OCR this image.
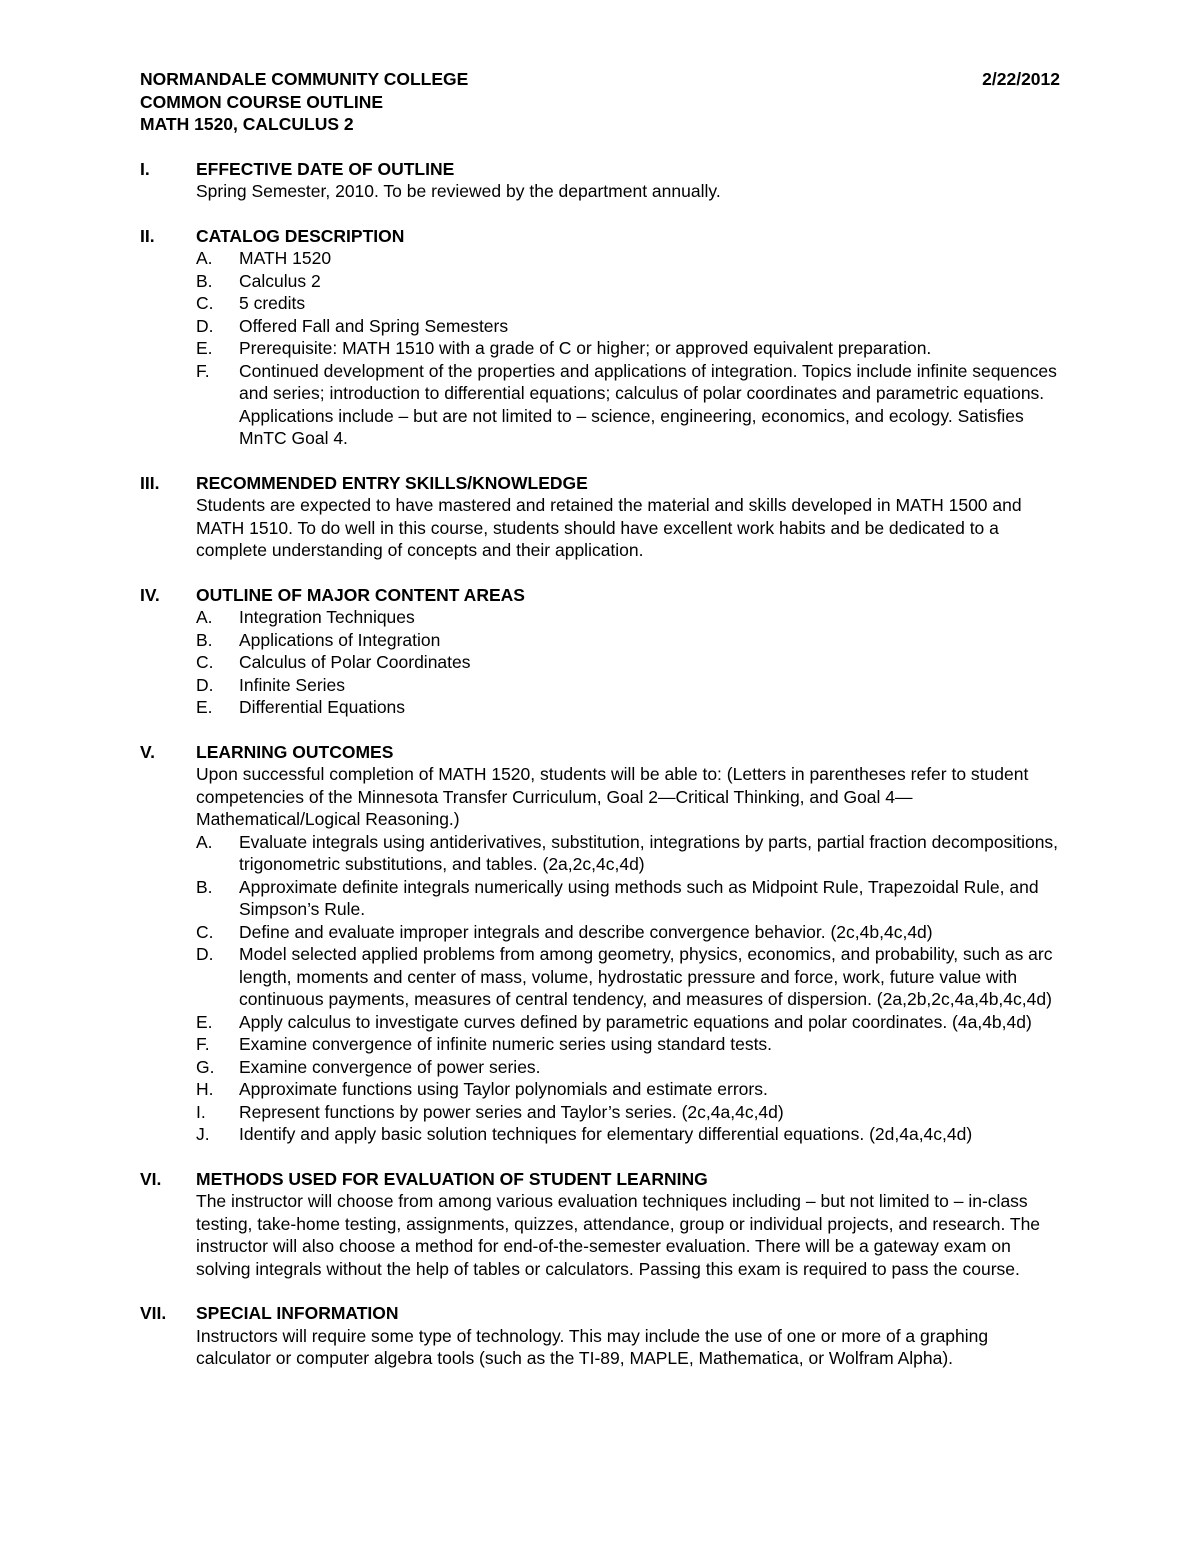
NORMANDALE COMMUNITY COLLEGE	2/22/2012
COMMON COURSE OUTLINE
MATH 1520, CALCULUS 2
I.	EFFECTIVE DATE OF OUTLINE
Spring Semester, 2010. To be reviewed by the department annually.
II.	CATALOG DESCRIPTION
A.	MATH 1520
B.	Calculus 2
C.	5 credits
D.	Offered Fall and Spring Semesters
E.	Prerequisite: MATH 1510 with a grade of C or higher; or approved equivalent preparation.
F.	Continued development of the properties and applications of integration. Topics include infinite sequences and series; introduction to differential equations; calculus of polar coordinates and parametric equations. Applications include – but are not limited to – science, engineering, economics, and ecology. Satisfies MnTC Goal 4.
III.	RECOMMENDED ENTRY SKILLS/KNOWLEDGE
Students are expected to have mastered and retained the material and skills developed in MATH 1500 and MATH 1510. To do well in this course, students should have excellent work habits and be dedicated to a complete understanding of concepts and their application.
IV.	OUTLINE OF MAJOR CONTENT AREAS
A.	Integration Techniques
B.	Applications of Integration
C.	Calculus of Polar Coordinates
D.	Infinite Series
E.	Differential Equations
V.	LEARNING OUTCOMES
Upon successful completion of MATH 1520, students will be able to: (Letters in parentheses refer to student competencies of the Minnesota Transfer Curriculum, Goal 2—Critical Thinking, and Goal 4—Mathematical/Logical Reasoning.)
A.	Evaluate integrals using antiderivatives, substitution, integrations by parts, partial fraction decompositions, trigonometric substitutions, and tables. (2a,2c,4c,4d)
B.	Approximate definite integrals numerically using methods such as Midpoint Rule, Trapezoidal Rule, and Simpson’s Rule.
C.	Define and evaluate improper integrals and describe convergence behavior. (2c,4b,4c,4d)
D.	Model selected applied problems from among geometry, physics, economics, and probability, such as arc length, moments and center of mass, volume, hydrostatic pressure and force, work, future value with continuous payments, measures of central tendency, and measures of dispersion. (2a,2b,2c,4a,4b,4c,4d)
E.	Apply calculus to investigate curves defined by parametric equations and polar coordinates. (4a,4b,4d)
F.	Examine convergence of infinite numeric series using standard tests.
G.	Examine convergence of power series.
H.	Approximate functions using Taylor polynomials and estimate errors.
I.	Represent functions by power series and Taylor’s series. (2c,4a,4c,4d)
J.	Identify and apply basic solution techniques for elementary differential equations. (2d,4a,4c,4d)
VI.	METHODS USED FOR EVALUATION OF STUDENT LEARNING
The instructor will choose from among various evaluation techniques including – but not limited to – in-class testing, take-home testing, assignments, quizzes, attendance, group or individual projects, and research. The instructor will also choose a method for end-of-the-semester evaluation. There will be a gateway exam on solving integrals without the help of tables or calculators. Passing this exam is required to pass the course.
VII.	SPECIAL INFORMATION
Instructors will require some type of technology. This may include the use of one or more of a graphing calculator or computer algebra tools (such as the TI-89, MAPLE, Mathematica, or Wolfram Alpha).
